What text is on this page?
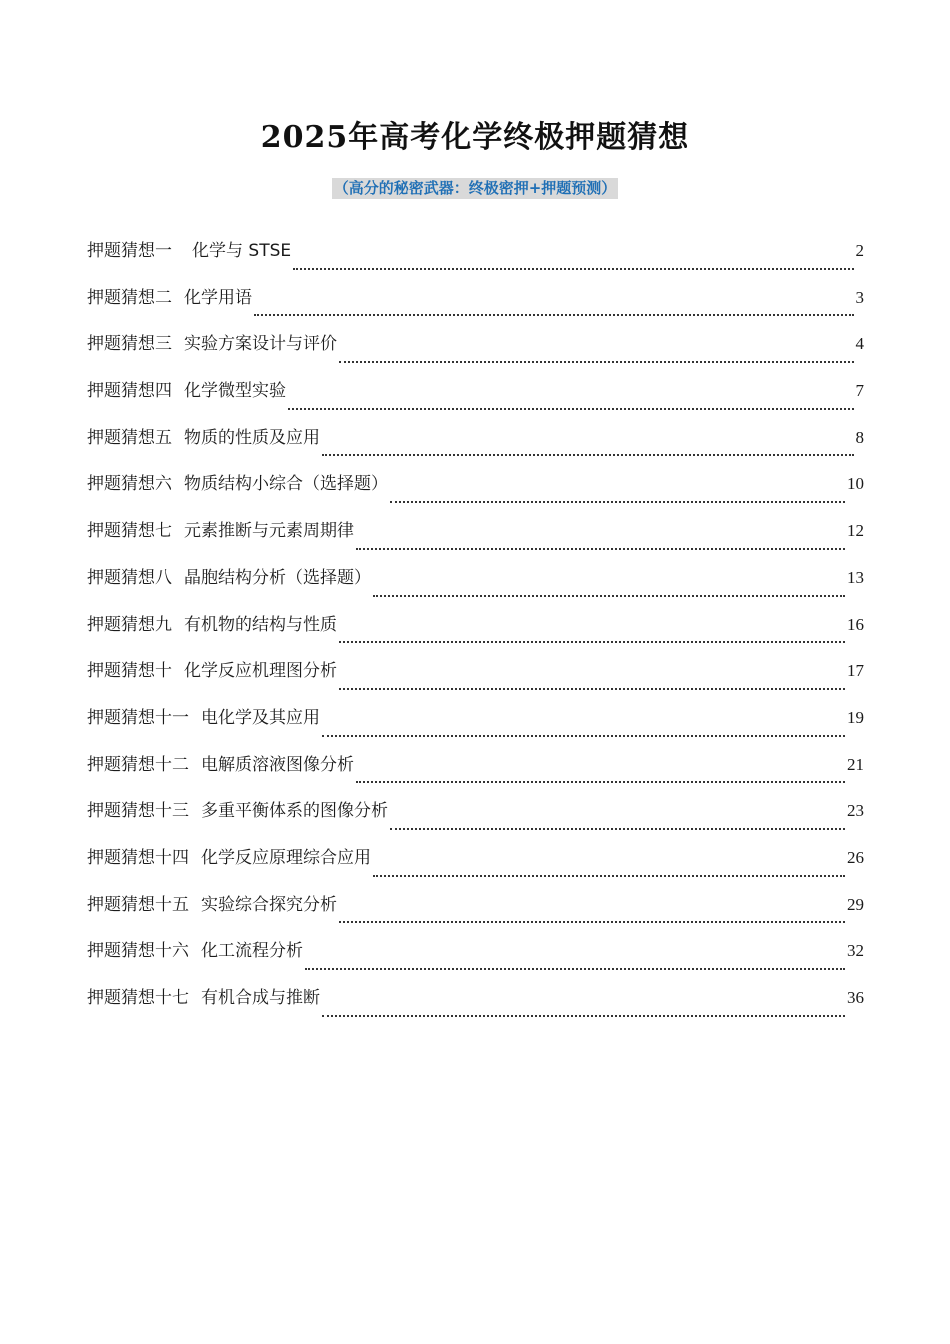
2025年高考化学终极押题猜想
（高分的秘密武器：终极密押+押题预测）
押题猜想一 化学与 STSE	2
押题猜想二 化学用语	3
押题猜想三 实验方案设计与评价	4
押题猜想四 化学微型实验	7
押题猜想五 物质的性质及应用	8
押题猜想六 物质结构小综合（选择题）	10
押题猜想七 元素推断与元素周期律	12
押题猜想八 晶胞结构分析（选择题）	13
押题猜想九 有机物的结构与性质	16
押题猜想十 化学反应机理图分析	17
押题猜想十一 电化学及其应用	19
押题猜想十二 电解质溶液图像分析	21
押题猜想十三 多重平衡体系的图像分析	23
押题猜想十四 化学反应原理综合应用	26
押题猜想十五 实验综合探究分析	29
押题猜想十六 化工流程分析	32
押题猜想十七 有机合成与推断	36
